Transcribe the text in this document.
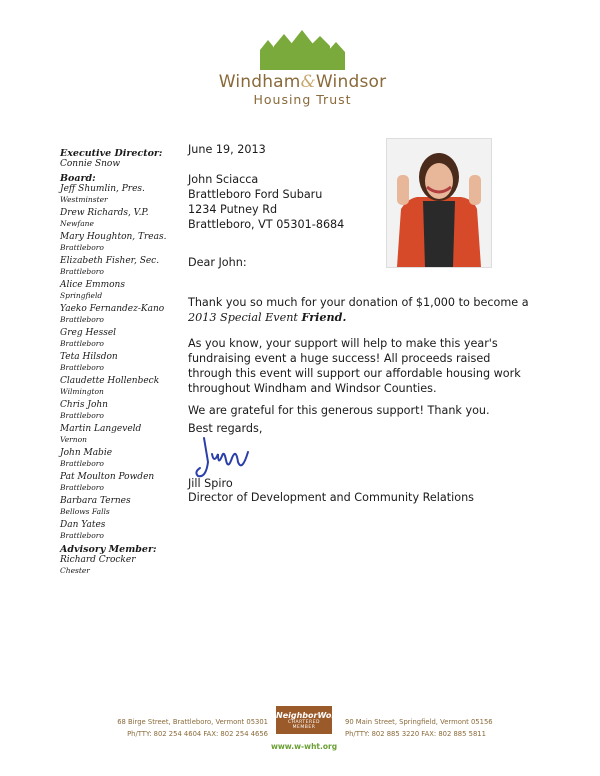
Windham&Windsor
Housing Trust
Executive Director:
Connie Snow
Board:
Jeff Shumlin, Pres.
Westminster
Drew Richards, V.P.
Newfane
Mary Houghton, Treas.
Brattleboro
Elizabeth Fisher, Sec.
Brattleboro
Alice Emmons
Springfield
Yaeko Fernandez-Kano
Brattleboro
Greg Hessel
Brattleboro
Teta Hilsdon
Brattleboro
Claudette Hollenbeck
Wilmington
Chris John
Brattleboro
Martin Langeveld
Vernon
John Mabie
Brattleboro
Pat Moulton Powden
Brattleboro
Barbara Ternes
Bellows Falls
Dan Yates
Brattleboro
Advisory Member:
Richard Crocker
Chester
June 19, 2013
John Sciacca
Brattleboro Ford Subaru
1234 Putney Rd
Brattleboro, VT 05301-8684
Dear John:

Thank you so much for your donation of $1,000 to become a 2013 Special Event Friend.

As you know, your support will help to make this year's fundraising event a huge success! All proceeds raised through this event will support our affordable housing work throughout Windham and Windsor Counties.

We are grateful for this generous support! Thank you.

Best regards,
Jill Spiro
Director of Development and Community Relations
68 Birge Street, Brattleboro, Vermont 05301
Ph/TTY: 802 254 4604 FAX: 802 254 4656
NeighborWorks
CHARTERED MEMBER
90 Main Street, Springfield, Vermont 05156
Ph/TTY: 802 885 3220 FAX: 802 885 5811
www.w-wht.org
